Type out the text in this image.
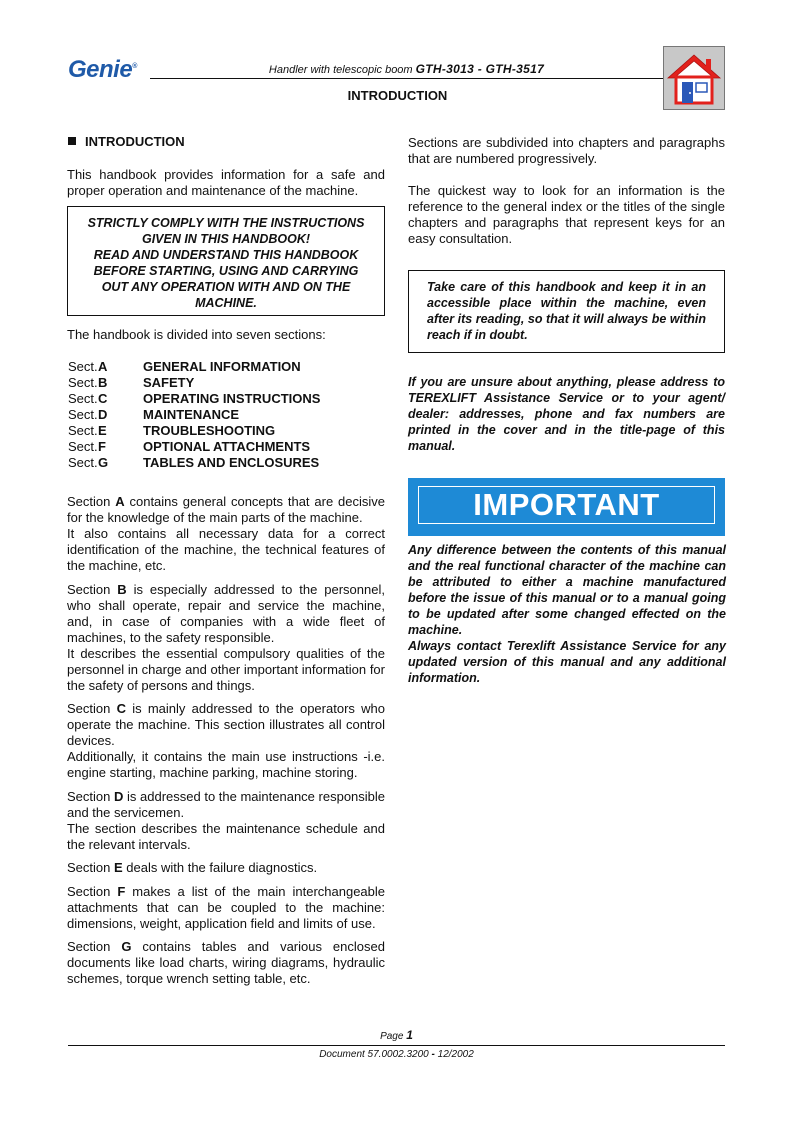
Genie®	Handler with telescopic boom GTH-3013 - GTH-3517
INTRODUCTION
INTRODUCTION
This handbook provides information for a safe and proper operation and maintenance of the machine.
STRICTLY COMPLY WITH THE INSTRUCTIONS
GIVEN IN THIS HANDBOOK!
READ AND UNDERSTAND THIS HANDBOOK
BEFORE STARTING, USING AND CARRYING
OUT ANY OPERATION WITH AND ON THE
MACHINE.
The handbook is divided into seven sections:
Sect.A	GENERAL INFORMATION
Sect.B	SAFETY
Sect.C	OPERATING INSTRUCTIONS
Sect.D	MAINTENANCE
Sect.E	TROUBLESHOOTING
Sect.F	OPTIONAL ATTACHMENTS
Sect.G	TABLES AND ENCLOSURES
Section A contains general concepts that are decisive for the knowledge of the main parts of the machine.
It also contains all necessary data for a correct identification of the machine, the technical features of the machine, etc.
Section B is especially addressed to the personnel, who shall operate, repair and service the machine, and, in case of companies with a wide fleet of machines, to the safety responsible.
It describes the essential compulsory qualities of the personnel in charge and other important information for the safety of persons and things.
Section C is mainly addressed to the operators who operate the machine. This section illustrates all control devices.
Additionally, it contains the main use instructions -i.e. engine starting, machine parking, machine storing.
Section D is addressed to the maintenance responsible and the servicemen.
The section describes the maintenance schedule and the relevant intervals.
Section E deals with the failure diagnostics.
Section F makes a list of the main interchangeable attachments that can be coupled to the machine: dimensions, weight, application field and limits of use.
Section G contains tables and various enclosed documents like load charts, wiring diagrams, hydraulic schemes, torque wrench setting table, etc.
Sections are subdivided into chapters and paragraphs that are numbered progressively.
The quickest way to look for an information is the reference to the general index or the titles of the single chapters and paragraphs that represent keys for an easy consultation.
Take care of this handbook and keep it in an accessible place within the machine, even after its reading, so that it will always be within reach if in doubt.
If you are unsure about anything, please address to TEREXLIFT Assistance Service or to your agent/ dealer: addresses, phone and fax numbers are printed in the cover and in the title-page of this manual.
IMPORTANT
Any difference between the contents of this manual and the real functional character of the machine can be attributed to either a machine manufactured before the issue of this manual or to a manual going to be updated after some changed effected on the machine.
Always contact Terexlift Assistance Service for any updated version of this manual and any additional information.
Page 1
Document 57.0002.3200 - 12/2002
